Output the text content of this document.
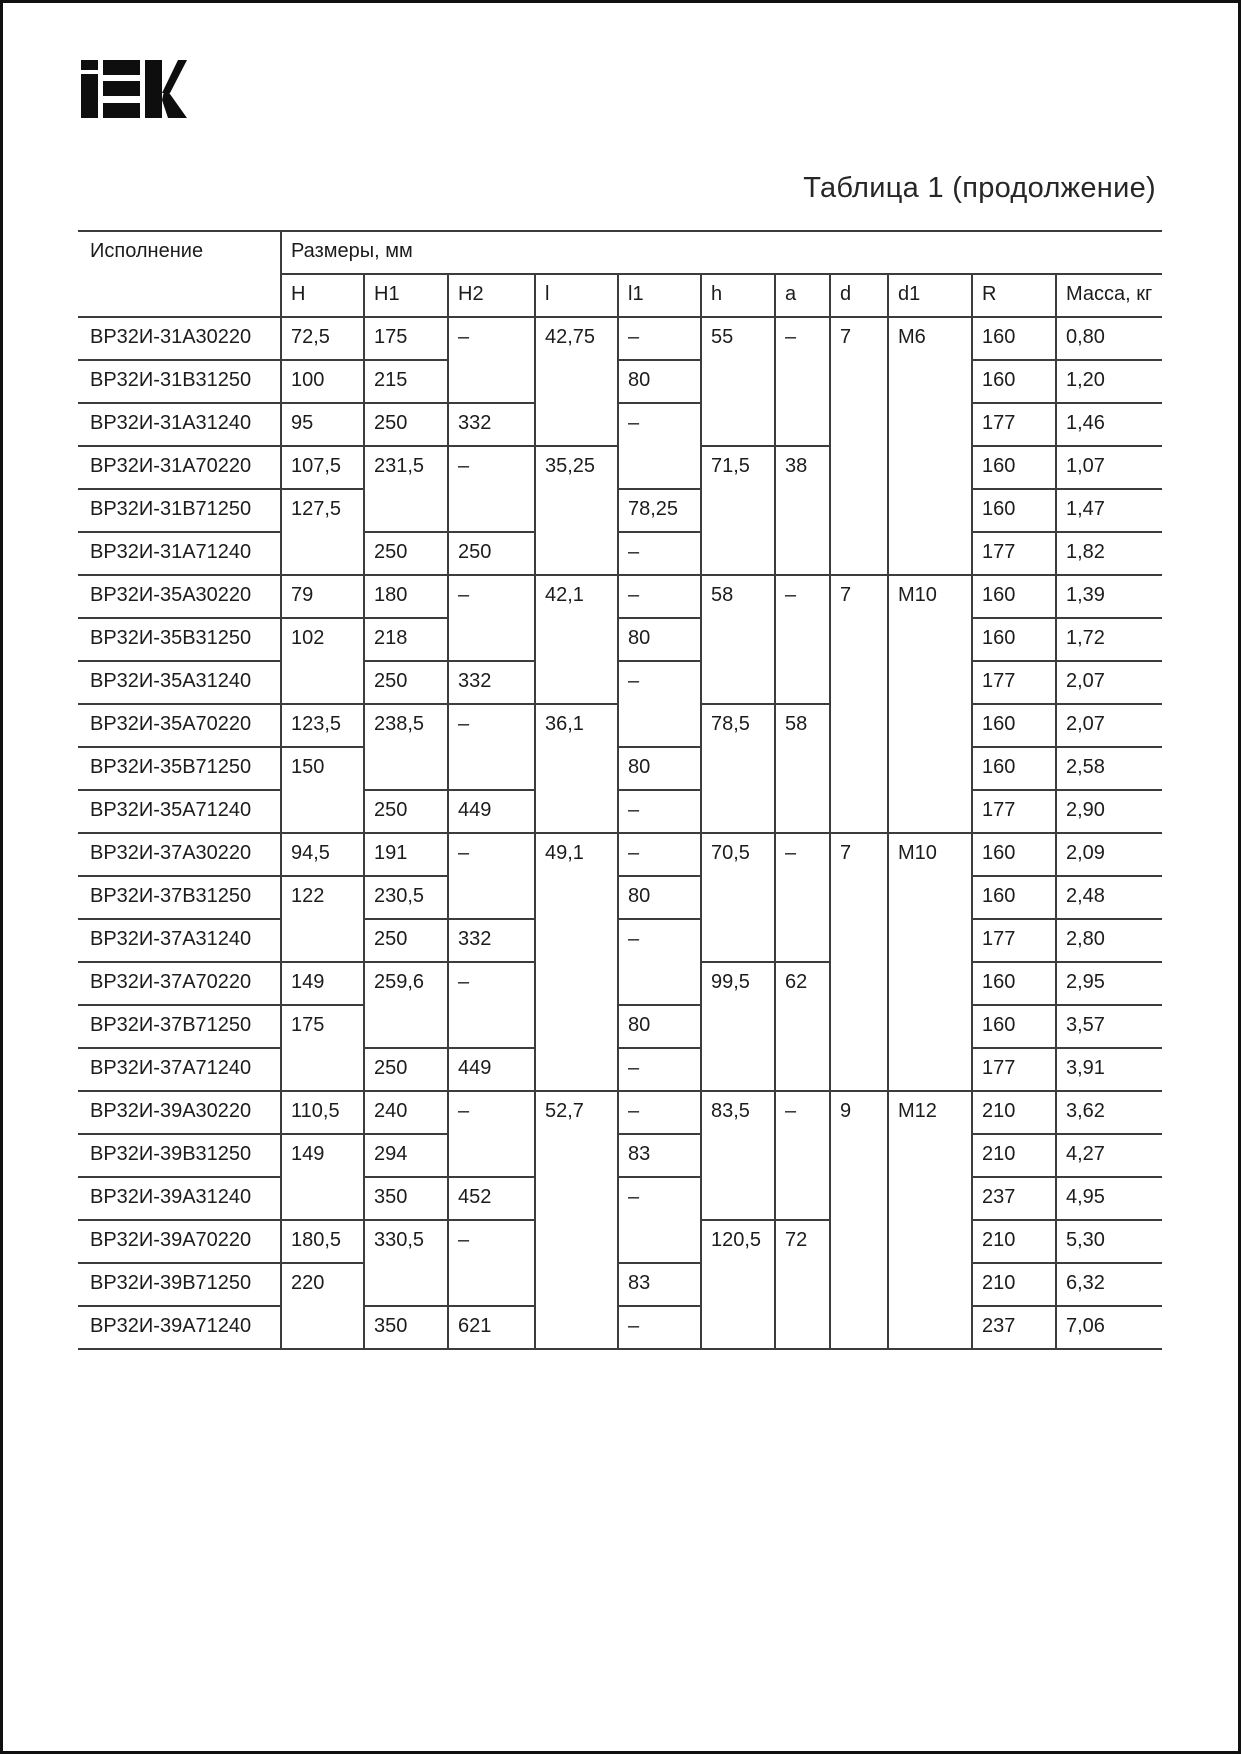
Таблица 1 (продолжение)
Исполнение	Размеры, мм										
	H	H1	H2	l	l1	h	a	d	d1	R	Масса, кг
ВР32И-31А30220	72,5	175	–	42,75	–	55	–	7	М6	160	0,80
ВР32И-31В31250	100	215			80					160	1,20
ВР32И-31А31240	95	250	332		–					177	1,46
ВР32И-31А70220	107,5	231,5	–	35,25		71,5	38			160	1,07
ВР32И-31В71250	127,5				78,25					160	1,47
ВР32И-31А71240		250	250		–					177	1,82
ВР32И-35А30220	79	180	–	42,1	–	58	–	7	М10	160	1,39
ВР32И-35В31250	102	218			80					160	1,72
ВР32И-35А31240		250	332		–					177	2,07
ВР32И-35А70220	123,5	238,5	–	36,1		78,5	58			160	2,07
ВР32И-35В71250	150				80					160	2,58
ВР32И-35А71240		250	449		–					177	2,90
ВР32И-37А30220	94,5	191	–	49,1	–	70,5	–	7	М10	160	2,09
ВР32И-37В31250	122	230,5			80					160	2,48
ВР32И-37А31240		250	332		–					177	2,80
ВР32И-37А70220	149	259,6	–			99,5	62			160	2,95
ВР32И-37В71250	175				80					160	3,57
ВР32И-37А71240		250	449		–					177	3,91
ВР32И-39А30220	110,5	240	–	52,7	–	83,5	–	9	М12	210	3,62
ВР32И-39В31250	149	294			83					210	4,27
ВР32И-39А31240		350	452		–					237	4,95
ВР32И-39А70220	180,5	330,5	–			120,5	72			210	5,30
ВР32И-39В71250	220				83					210	6,32
ВР32И-39А71240		350	621		–					237	7,06
